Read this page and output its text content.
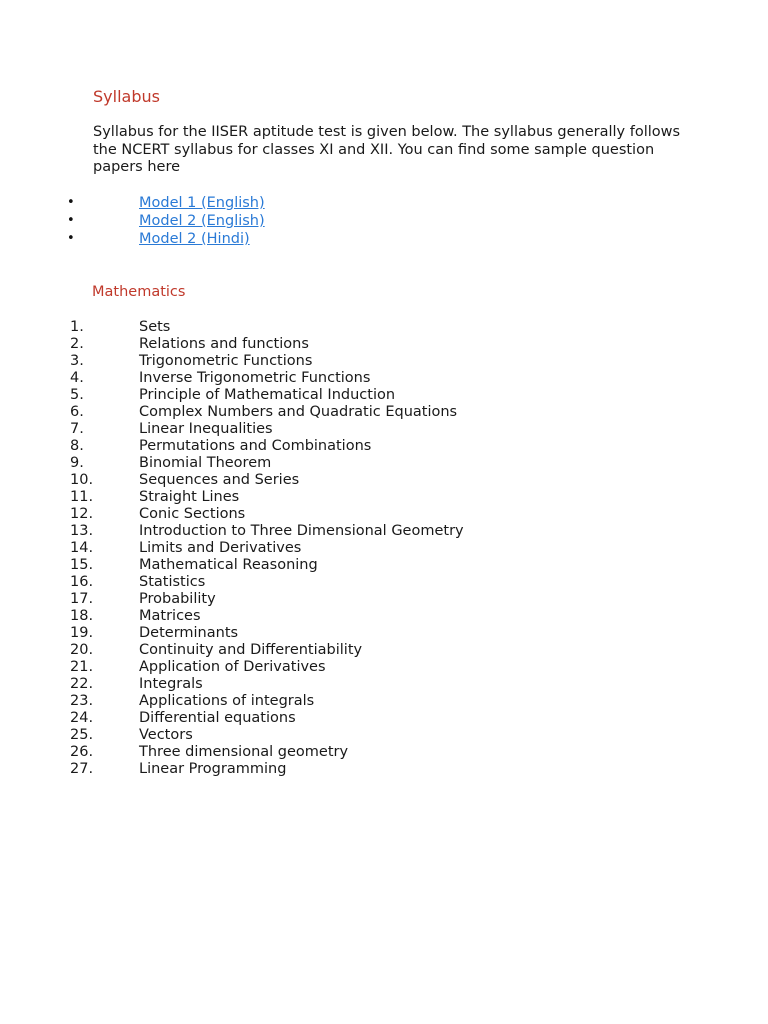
Syllabus

Syllabus for the IISER aptitude test is given below. The syllabus generally follows the NCERT syllabus for classes XI and XII. You can find some sample question papers here

•	Model 1 (English)
•	Model 2 (English)
•	Model 2 (Hindi)
Mathematics
1.	Sets
2.	Relations and functions
3.	Trigonometric Functions
4.	Inverse Trigonometric Functions
5.	Principle of Mathematical Induction
6.	Complex Numbers and Quadratic Equations
7.	Linear Inequalities
8.	Permutations and Combinations
9.	Binomial Theorem
10.	Sequences and Series
11.	Straight Lines
12.	Conic Sections
13.	Introduction to Three Dimensional Geometry
14.	Limits and Derivatives
15.	Mathematical Reasoning
16.	Statistics
17.	Probability
18.	Matrices
19.	Determinants
20.	Continuity and Differentiability
21.	Application of Derivatives
22.	Integrals
23.	Applications of integrals
24.	Differential equations
25.	Vectors
26.	Three dimensional geometry
27.	Linear Programming
